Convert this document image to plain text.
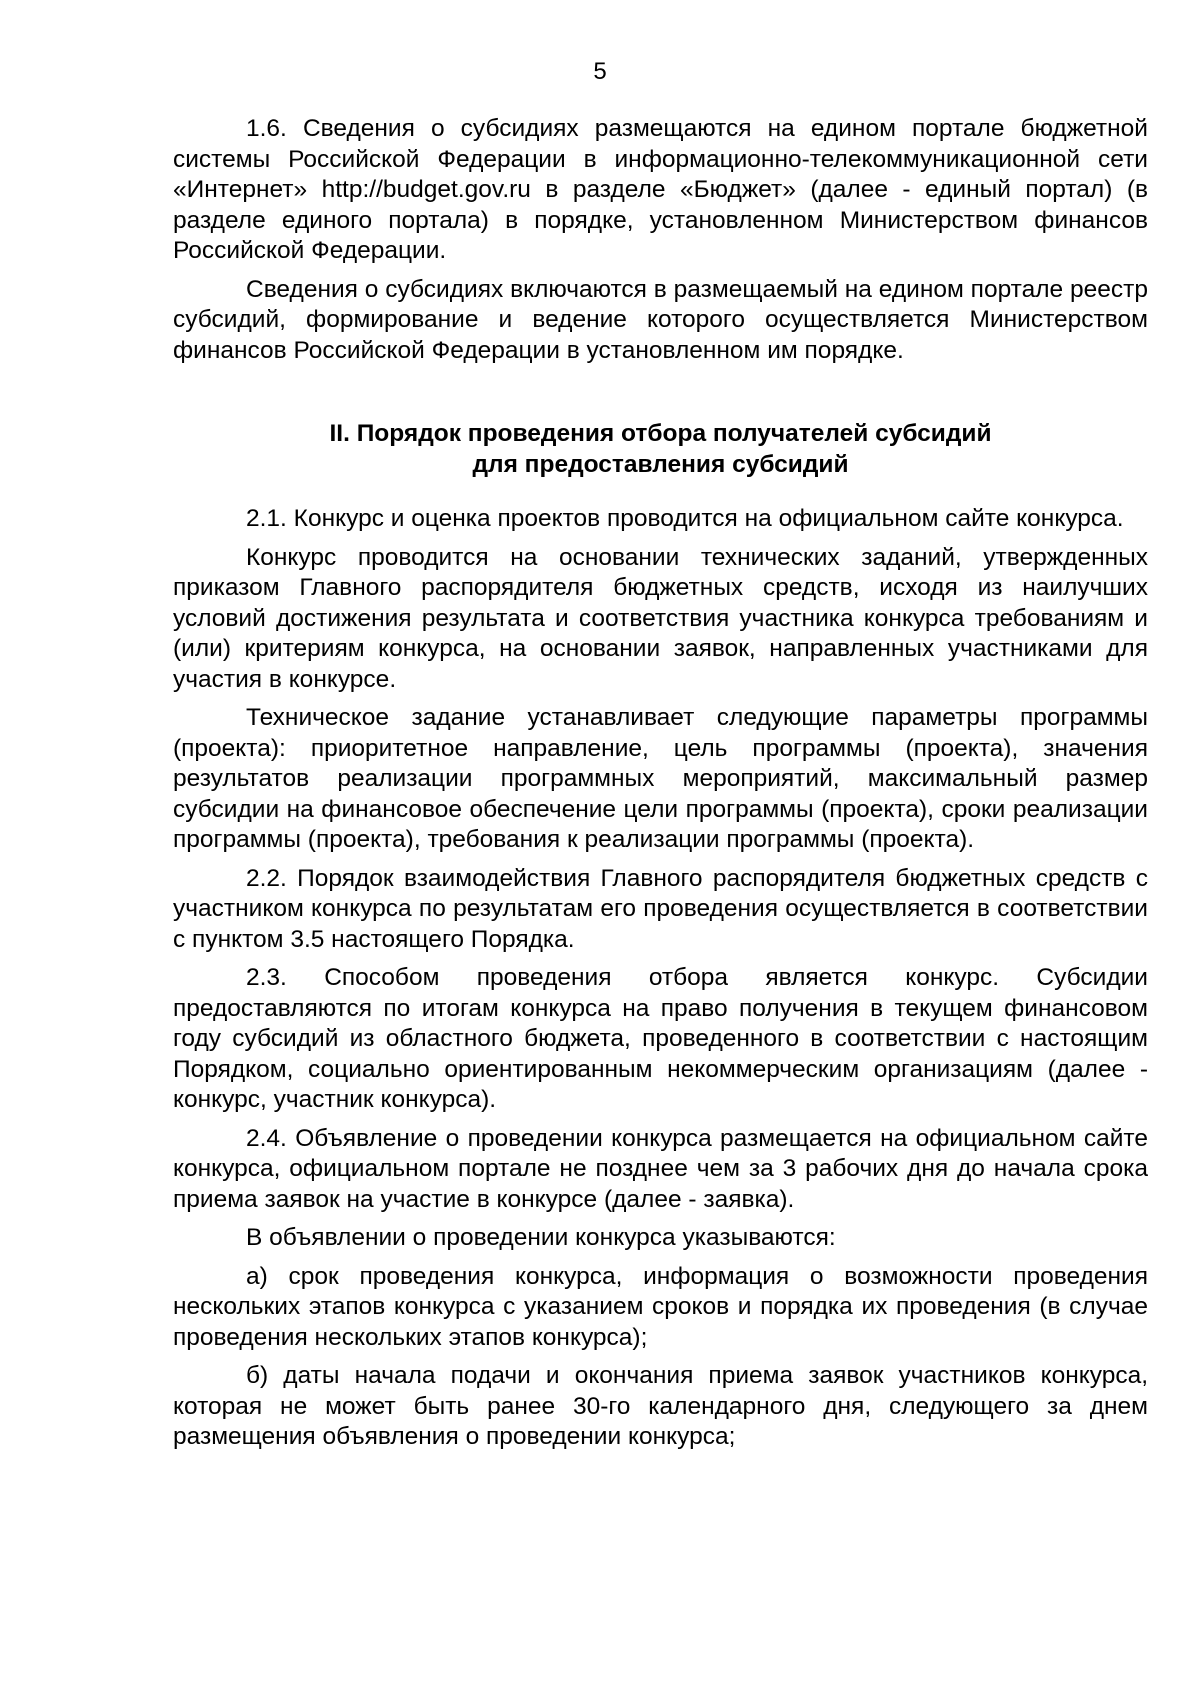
5

1.6. Сведения о субсидиях размещаются на едином портале бюджетной системы Российской Федерации в информационно-телекоммуникационной сети «Интернет» http://budget.gov.ru в разделе «Бюджет» (далее - единый портал) (в разделе единого портала) в порядке, установленном Министерством финансов Российской Федерации.

Сведения о субсидиях включаются в размещаемый на едином портале реестр субсидий, формирование и ведение которого осуществляется Министерством финансов Российской Федерации в установленном им порядке.

II. Порядок проведения отбора получателей субсидий
для предоставления субсидий

2.1. Конкурс и оценка проектов проводится на официальном сайте конкурса.

Конкурс проводится на основании технических заданий, утвержденных приказом Главного распорядителя бюджетных средств, исходя из наилучших условий достижения результата и соответствия участника конкурса требованиям и (или) критериям конкурса, на основании заявок, направленных участниками для участия в конкурсе.

Техническое задание устанавливает следующие параметры программы (проекта): приоритетное направление, цель программы (проекта), значения результатов реализации программных мероприятий, максимальный размер субсидии на финансовое обеспечение цели программы (проекта), сроки реализации программы (проекта), требования к реализации программы (проекта).

2.2. Порядок взаимодействия Главного распорядителя бюджетных средств с участником конкурса по результатам его проведения осуществляется в соответствии с пунктом 3.5 настоящего Порядка.

2.3. Способом проведения отбора является конкурс. Субсидии предоставляются по итогам конкурса на право получения в текущем финансовом году субсидий из областного бюджета, проведенного в соответствии с настоящим Порядком, социально ориентированным некоммерческим организациям (далее - конкурс, участник конкурса).

2.4. Объявление о проведении конкурса размещается на официальном сайте конкурса, официальном портале не позднее чем за 3 рабочих дня до начала срока приема заявок на участие в конкурсе (далее - заявка).

В объявлении о проведении конкурса указываются:

а) срок проведения конкурса, информация о возможности проведения нескольких этапов конкурса с указанием сроков и порядка их проведения (в случае проведения нескольких этапов конкурса);

б) даты начала подачи и окончания приема заявок участников конкурса, которая не может быть ранее 30-го календарного дня, следующего за днем размещения объявления о проведении конкурса;
